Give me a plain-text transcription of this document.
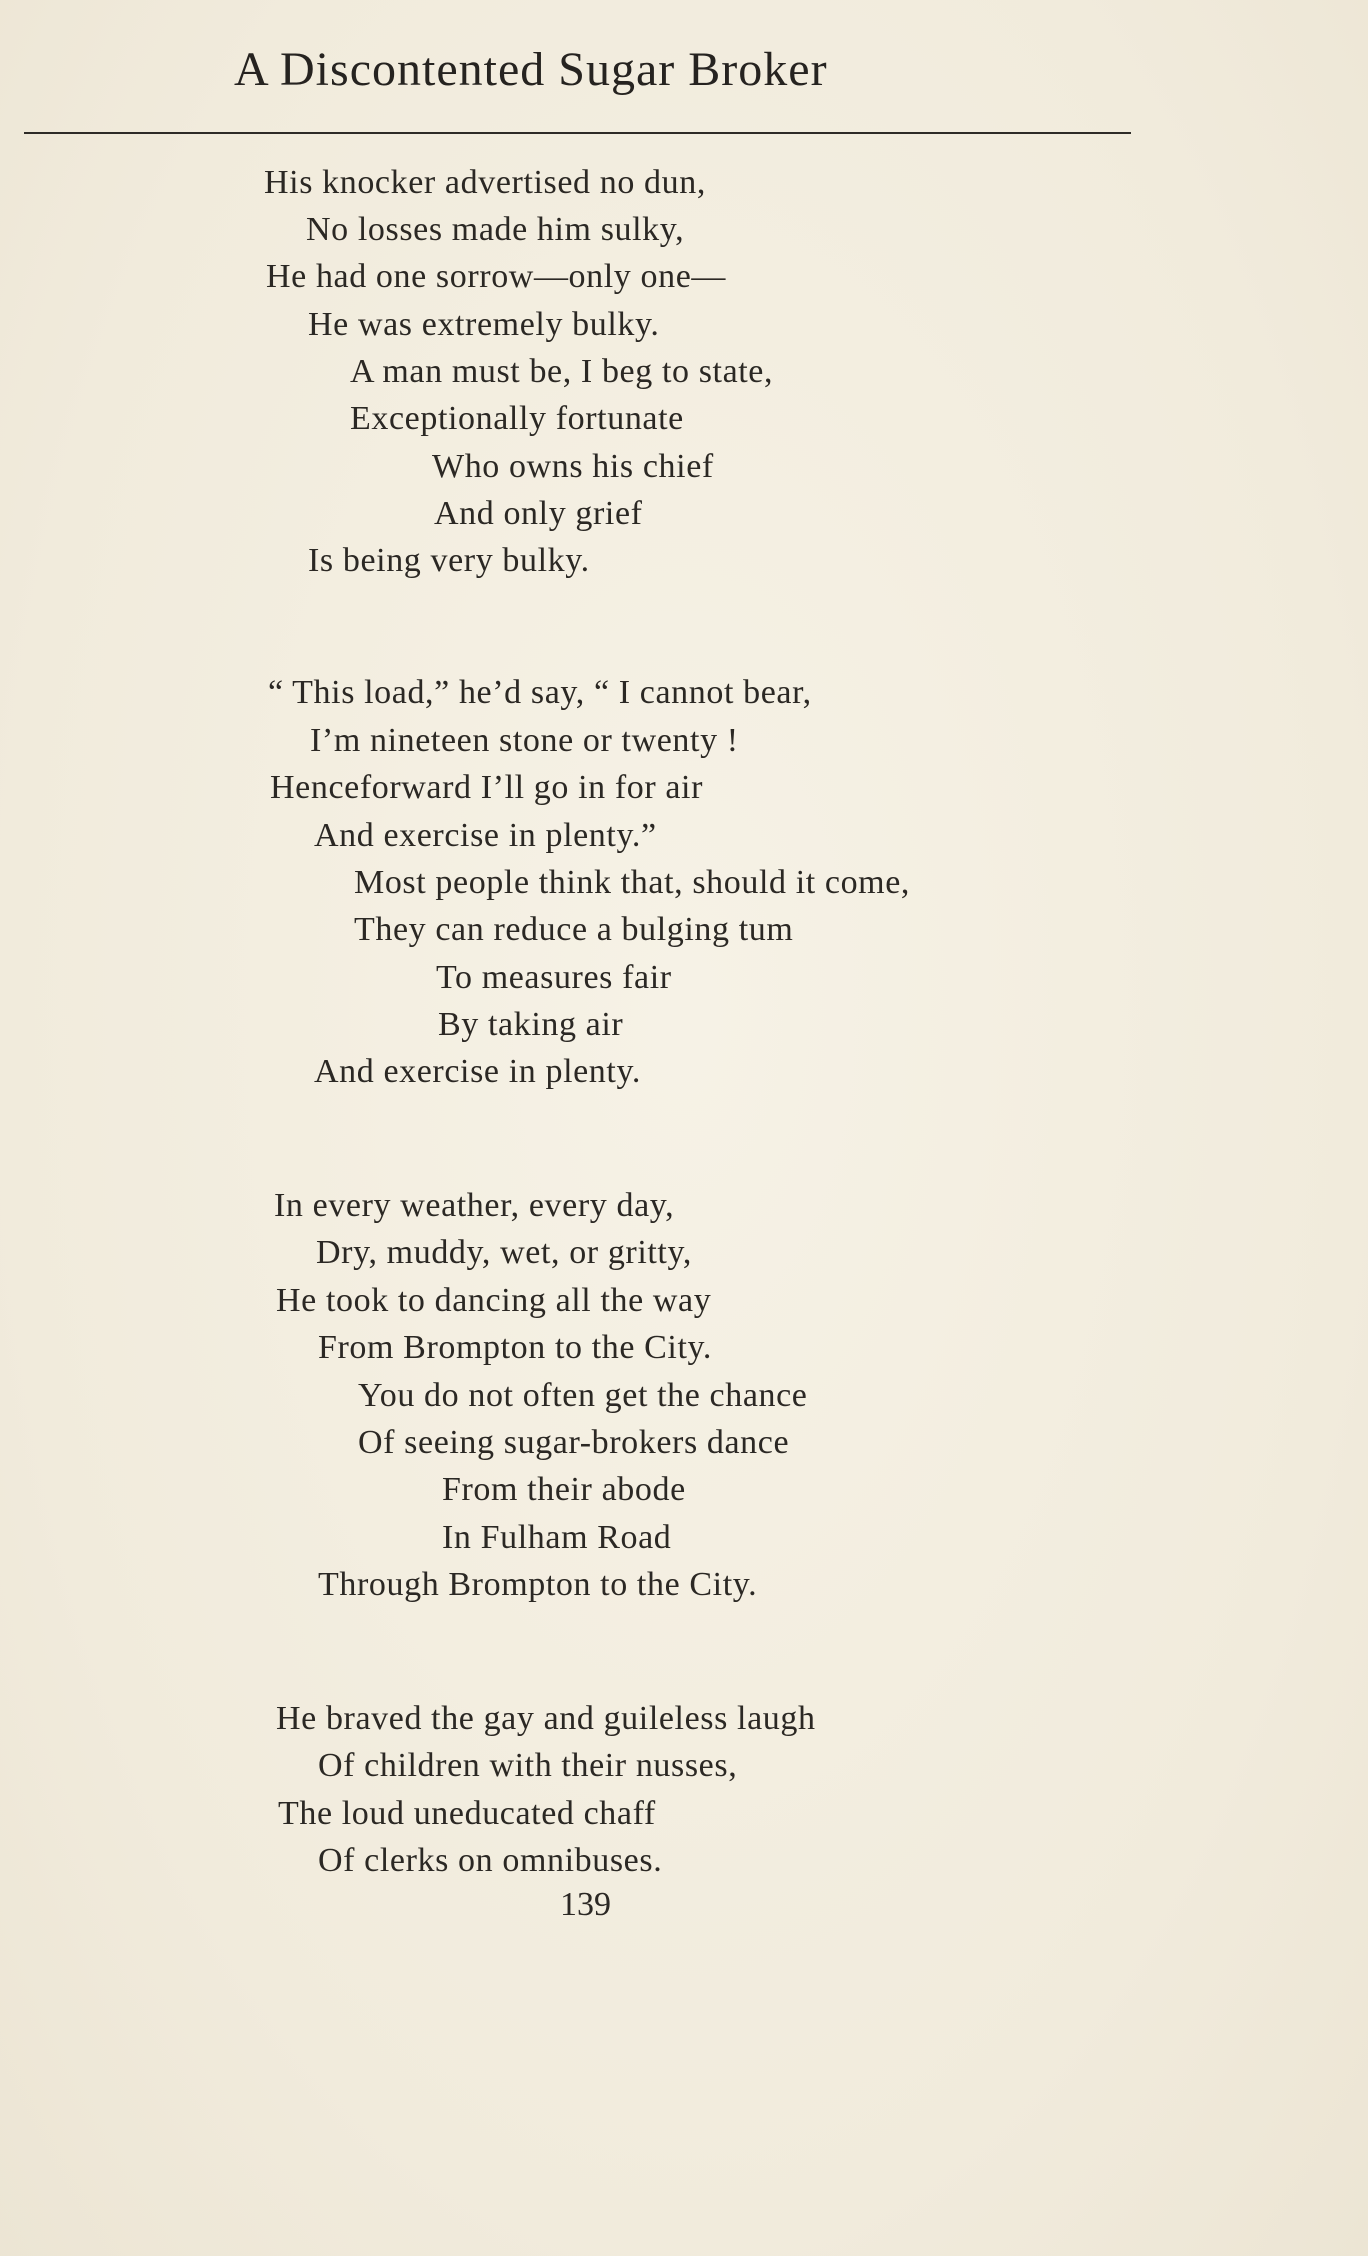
A Discontented Sugar Broker
His knocker advertised no dun,
No losses made him sulky,
He had one sorrow—only one—
He was extremely bulky.
A man must be, I beg to state,
Exceptionally fortunate
Who owns his chief
And only grief
Is being very bulky.
“ This load,” he’d say, “ I cannot bear,
I’m nineteen stone or twenty !
Henceforward I’ll go in for air
And exercise in plenty.”
Most people think that, should it come,
They can reduce a bulging tum
To measures fair
By taking air
And exercise in plenty.
In every weather, every day,
Dry, muddy, wet, or gritty,
He took to dancing all the way
From Brompton to the City.
You do not often get the chance
Of seeing sugar-brokers dance
From their abode
In Fulham Road
Through Brompton to the City.
He braved the gay and guileless laugh
Of children with their nusses,
The loud uneducated chaff
Of clerks on omnibuses.
139
